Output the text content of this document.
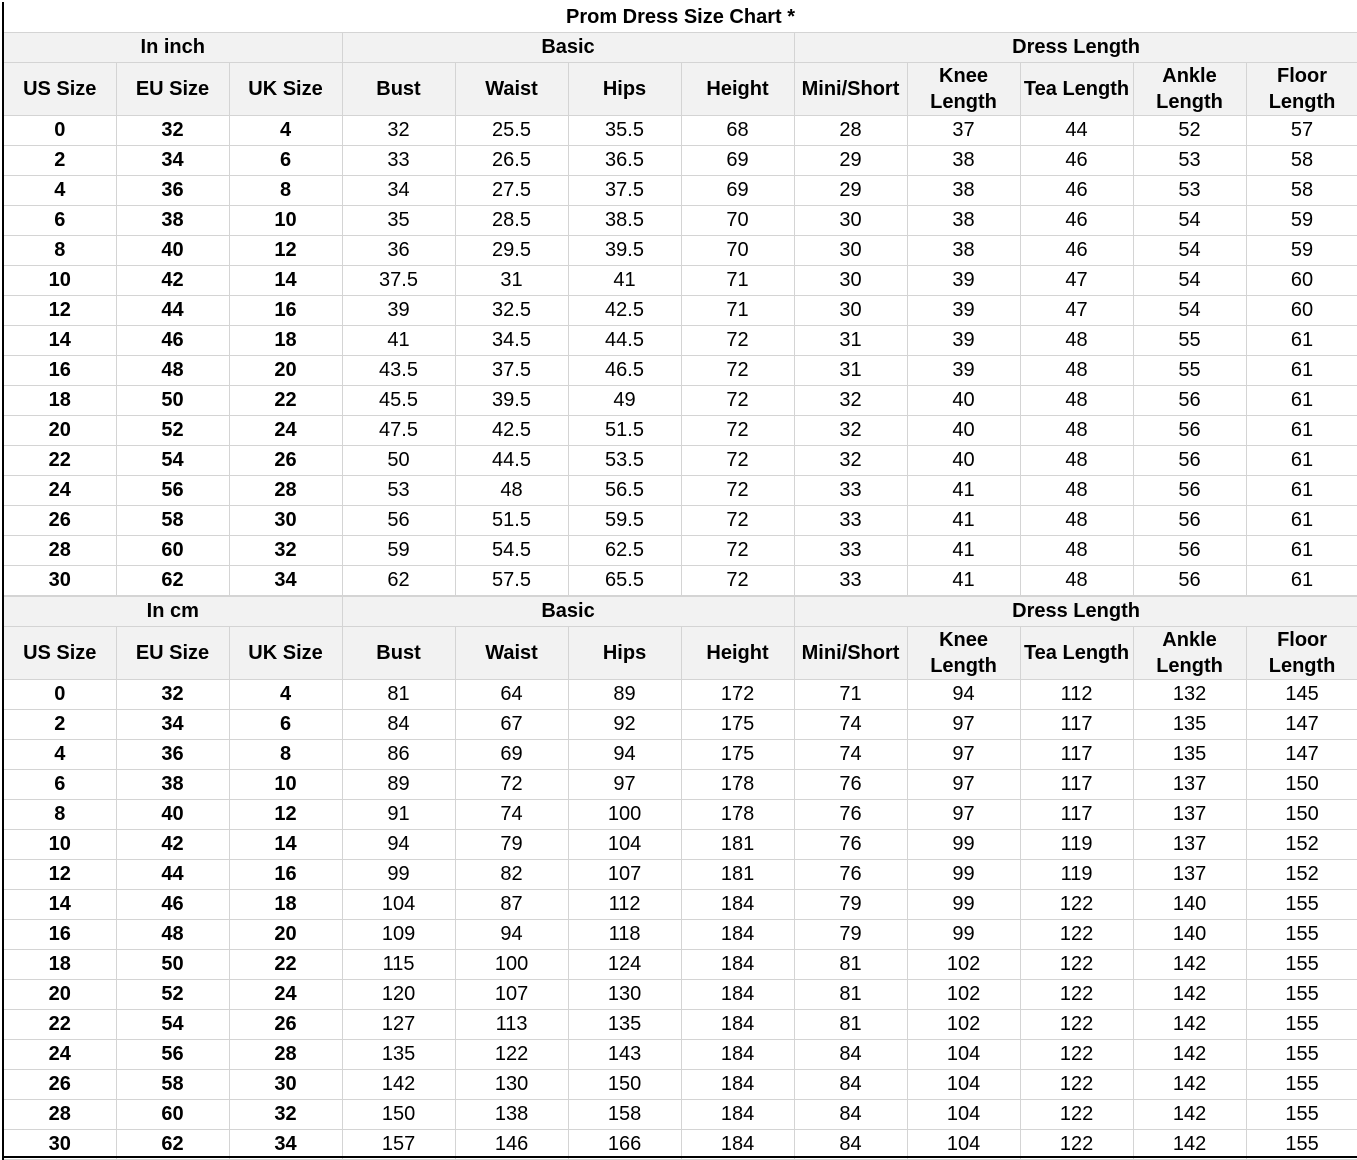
Prom Dress Size Chart *
In inch			Basic				Dress Length				
US Size	EU Size	UK Size	Bust	Waist	Hips	Height	Mini/Short	Knee Length	Tea Length	Ankle Length	Floor Length
0	32	4	32	25.5	35.5	68	28	37	44	52	57
2	34	6	33	26.5	36.5	69	29	38	46	53	58
4	36	8	34	27.5	37.5	69	29	38	46	53	58
6	38	10	35	28.5	38.5	70	30	38	46	54	59
8	40	12	36	29.5	39.5	70	30	38	46	54	59
10	42	14	37.5	31	41	71	30	39	47	54	60
12	44	16	39	32.5	42.5	71	30	39	47	54	60
14	46	18	41	34.5	44.5	72	31	39	48	55	61
16	48	20	43.5	37.5	46.5	72	31	39	48	55	61
18	50	22	45.5	39.5	49	72	32	40	48	56	61
20	52	24	47.5	42.5	51.5	72	32	40	48	56	61
22	54	26	50	44.5	53.5	72	32	40	48	56	61
24	56	28	53	48	56.5	72	33	41	48	56	61
26	58	30	56	51.5	59.5	72	33	41	48	56	61
28	60	32	59	54.5	62.5	72	33	41	48	56	61
30	62	34	62	57.5	65.5	72	33	41	48	56	61
In cm			Basic				Dress Length				
US Size	EU Size	UK Size	Bust	Waist	Hips	Height	Mini/Short	Knee Length	Tea Length	Ankle Length	Floor Length
0	32	4	81	64	89	172	71	94	112	132	145
2	34	6	84	67	92	175	74	97	117	135	147
4	36	8	86	69	94	175	74	97	117	135	147
6	38	10	89	72	97	178	76	97	117	137	150
8	40	12	91	74	100	178	76	97	117	137	150
10	42	14	94	79	104	181	76	99	119	137	152
12	44	16	99	82	107	181	76	99	119	137	152
14	46	18	104	87	112	184	79	99	122	140	155
16	48	20	109	94	118	184	79	99	122	140	155
18	50	22	115	100	124	184	81	102	122	142	155
20	52	24	120	107	130	184	81	102	122	142	155
22	54	26	127	113	135	184	81	102	122	142	155
24	56	28	135	122	143	184	84	104	122	142	155
26	58	30	142	130	150	184	84	104	122	142	155
28	60	32	150	138	158	184	84	104	122	142	155
30	62	34	157	146	166	184	84	104	122	142	155
